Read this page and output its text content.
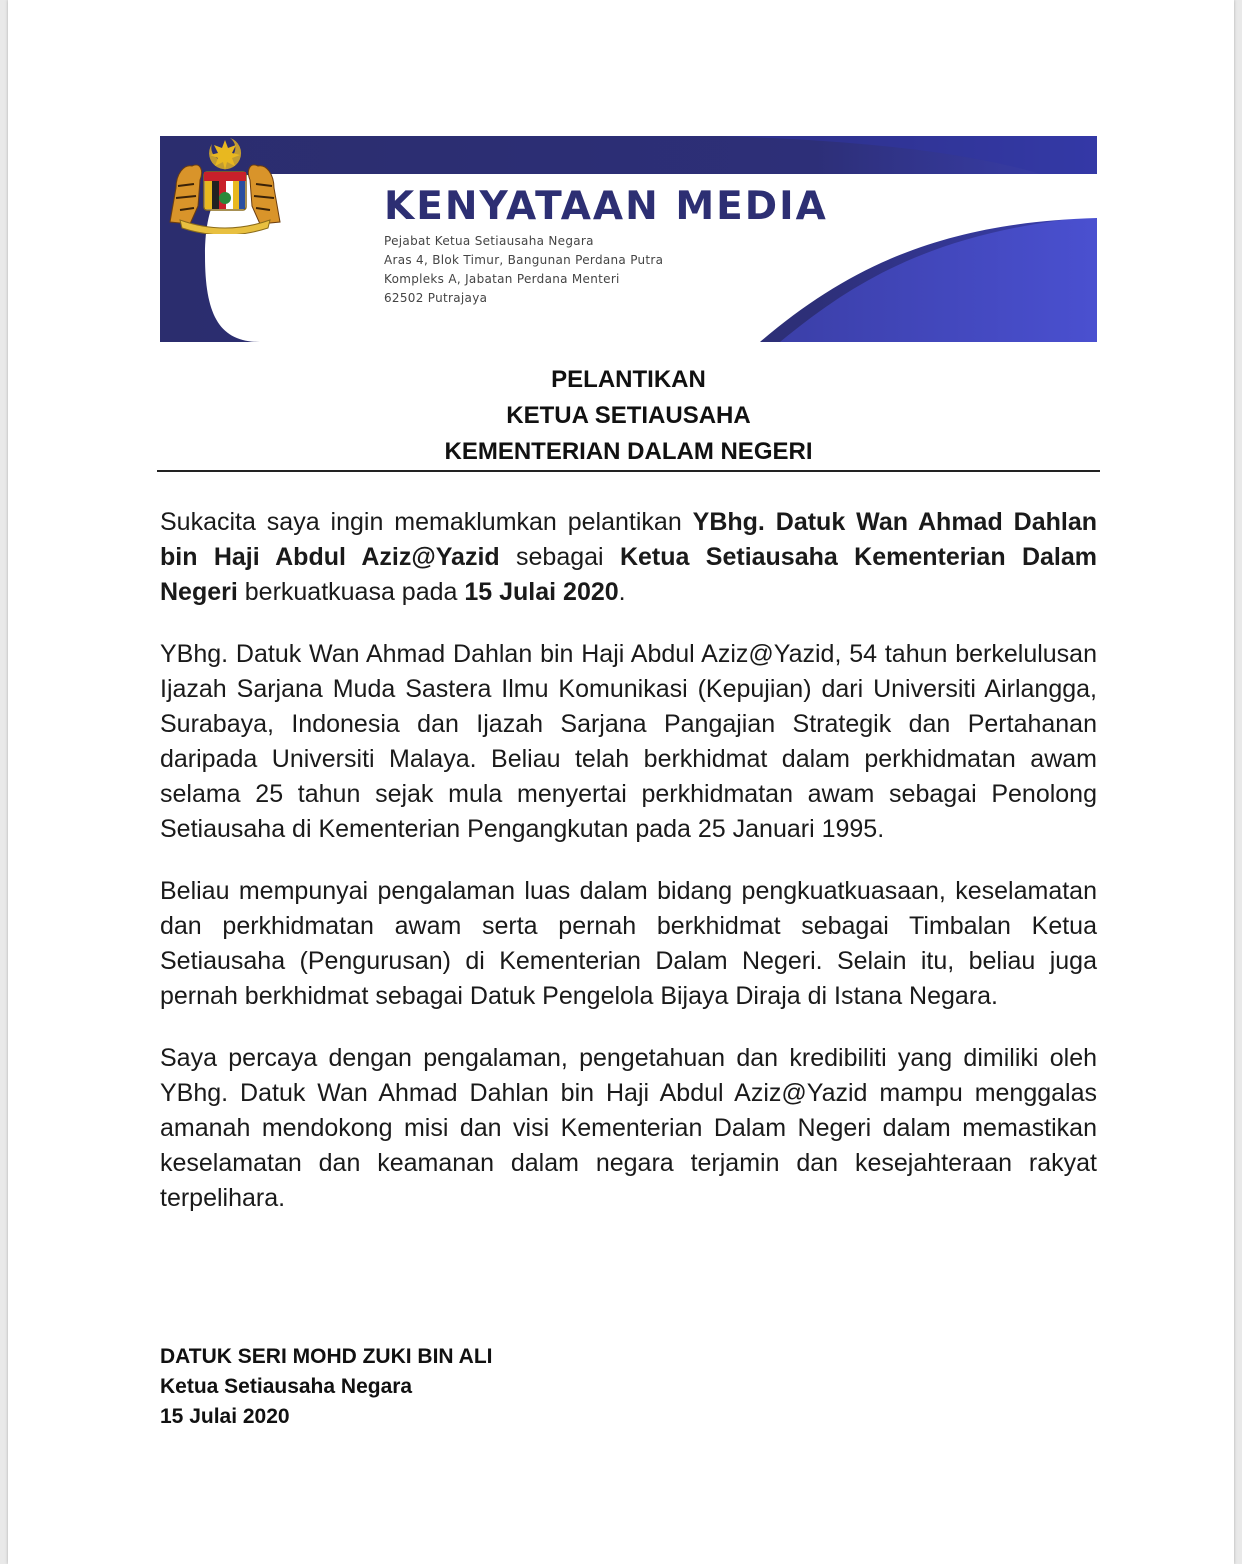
KENYATAAN MEDIA
Pejabat Ketua Setiausaha Negara
Aras 4, Blok Timur, Bangunan Perdana Putra
Kompleks A, Jabatan Perdana Menteri
62502 Putrajaya
PELANTIKAN
KETUA SETIAUSAHA
KEMENTERIAN DALAM NEGERI

Sukacita saya ingin memaklumkan pelantikan YBhg. Datuk Wan Ahmad Dahlan bin Haji Abdul Aziz@Yazid sebagai Ketua Setiausaha Kementerian Dalam Negeri berkuatkuasa pada 15 Julai 2020.

YBhg. Datuk Wan Ahmad Dahlan bin Haji Abdul Aziz@Yazid, 54 tahun berkelulusan Ijazah Sarjana Muda Sastera Ilmu Komunikasi (Kepujian) dari Universiti Airlangga, Surabaya, Indonesia dan Ijazah Sarjana Pangajian Strategik dan Pertahanan daripada Universiti Malaya. Beliau telah berkhidmat dalam perkhidmatan awam selama 25 tahun sejak mula menyertai perkhidmatan awam sebagai Penolong Setiausaha di Kementerian Pengangkutan pada 25 Januari 1995.

Beliau mempunyai pengalaman luas dalam bidang pengkuatkuasaan, keselamatan dan perkhidmatan awam serta pernah berkhidmat sebagai Timbalan Ketua Setiausaha (Pengurusan) di Kementerian Dalam Negeri. Selain itu, beliau juga pernah berkhidmat sebagai Datuk Pengelola Bijaya Diraja di Istana Negara.

Saya percaya dengan pengalaman, pengetahuan dan kredibiliti yang dimiliki oleh YBhg. Datuk Wan Ahmad Dahlan bin Haji Abdul Aziz@Yazid mampu menggalas amanah mendokong misi dan visi Kementerian Dalam Negeri dalam memastikan keselamatan dan keamanan dalam negara terjamin dan kesejahteraan rakyat terpelihara.

DATUK SERI MOHD ZUKI BIN ALI
Ketua Setiausaha Negara
15 Julai 2020
